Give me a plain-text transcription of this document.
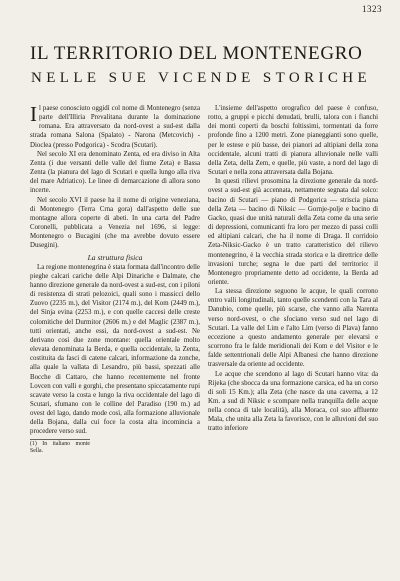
1323
IL TERRITORIO DEL MONTENEGRO
NELLE SUE VICENDE STORICHE

Il paese conosciuto oggidì col nome di Montenegro (senza parte dell'Illiria Prevalitana durante la dominazione romana. Era attraversato da nord-ovest a sud-est dalla strada romana Salona (Spalato) - Narona (Metcovich) - Dioclea (presso Podgorica) - Scodra (Scutari).

Nel secolo XI era denominato Zenta, ed era diviso in Alta Zenta (i due versanti delle valle del fiume Zeta) e Bassa Zenta (la pianura del lago di Scutari e quella lungo alla riva del mare Adriatico). Le linee di demarcazione di allora sono incerte.

Nel secolo XVI il paese ha il nome di origine veneziana, di Montenegro (Terra Crna gora) dall'aspetto delle sue montagne allora coperte di abeti. In una carta del Padre Coronelli, pubblicata a Venezia nel 1696, si legge: Montenegro o Bucagini (che ma avrebbe dovuto essere Dusegini).

La struttura fisica

La regione montenegrina è stata formata dall'incontro delle pieghe calcari cariche delle Alpi Dinariche e Dalmate, che hanno direzione generale da nord-ovest a sud-est, con i piloni di resistenza di strati pelozoici, quali sono i massicci dello Zuovo (2235 m.), del Visitor (2174 m.), del Kom (2449 m.), del Sinja evina (2253 m.), e con quelle caccesi delle creste colomitiche del Durmitor (2606 m.) e del Maglic (2387 m.), tutti orientati, anche essi, da nord-ovest a sud-est. Ne derivano così due zone montane: quella orientale molto elevata denominata la Berda, e quella occidentale, la Zenta, costituita da fasci di catene calcari, informazione da zonche, alla quale la vallata di Lesandro, più bassi, spezzati alle Bocche di Cattaro, che hanno recentemente nel fronte Lovcen con valli e gorghi, che presentano spiccatamente rupi scavate verso la costa e lungo la riva occidentale del lago di Scutari, sfumano con le colline del Paradiso (190 m.) ad ovest del lago, dando mode così, alla formazione alluvionale della Bojana, dalla cui foce la costa alta incomincia a procedere verso sud.

(1) In italiano monte Sella.

L'insieme dell'aspetto orografico del paese è confuso, rotto, a gruppi e picchi denudati, brulli, talora con i fianchi dei monti coperti da boschi foltissimi, tormentati da forre profonde fino a 1200 metri. Zone pianeggianti sono quelle, per le estese e più basse, dei pianori ad altipiani della zona occidentale, alcuni tratti di pianura alluvionale nelle valli della Zeta, della Zem, e quelle, più vaste, a nord del lago di Scutari e nella zona attraversata dalla Bojana.

In questi rilievi prosomina la direzione generale da nord-ovest a sud-est già accennata, nettamente segnata dal solco: bacino di Scutari — piano di Podgorica — striscia piana della Zeta — bacino di Niksic — Gornje-polje e bacino di Gacko, quasi due unità naturali della Zeta come da una serie di depressioni, comunicanti fra loro per mezzo di passi colli ed altipiani calcari, che ha il nome di Draga. Il corridoio Zeta-Niksic-Gacko è un tratto caratteristico del rilievo montenegrino, è la vecchia strada storica e la direttrice delle invasioni turche; segna le due parti del territorio: il Montenegro propriamente detto ad occidente, la Berda ad oriente.

La stessa direzione seguono le acque, le quali corrono entro valli longitudinali, tanto quelle scendenti con la Tara al Danubio, come quelle, più scarse, che vanno alla Narenta verso nord-ovest, o che sfociano verso sud nel lago di Scutari. La valle del Lim e l'alto Lim (verso di Plava) fanno eccezione a questo andamento generale per elevarsi e scorrono fra le falde meridionali dei Kom e del Visitor e le falde settentrionali delle Alpi Albanesi che hanno direzione trasversale da oriente ad occidente.

Le acque che scendono al lago di Scutari hanno vita: da Rijeka (che sbocca da una formazione carsica, ed ha un corso di soli 15 Km.); alla Zeta (che nasce da una caverna, a 12 Km. a sud di Niksic e scompare nella tranquilla delle acque nella conca di tale località), alla Moraca, col suo affluente Mala, che unita alla Zeta la favorisce, con le alluvioni del suo tratto inferiore
